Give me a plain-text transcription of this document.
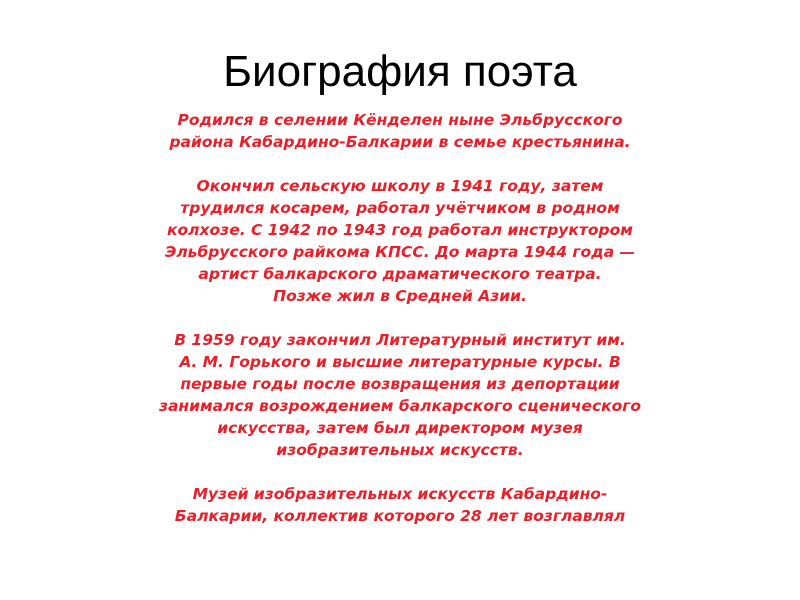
Биография поэта

Родился в селении Кёнделен ныне Эльбрусского
района Кабардино-Балкарии в семье крестьянина.

Окончил сельскую школу в 1941 году, затем
трудился косарем, работал учётчиком в родном
колхозе. С 1942 по 1943 год работал инструктором
Эльбрусского райкома КПСС. До марта 1944 года —
артист балкарского драматического театра.
Позже жил в Средней Азии.

В 1959 году закончил Литературный институт им.
А. М. Горького и высшие литературные курсы. В
первые годы после возвращения из депортации
занимался возрождением балкарского сценического
искусства, затем был директором музея
изобразительных искусств.

Музей изобразительных искусств Кабардино-
Балкарии, коллектив которого 28 лет возглавлял
